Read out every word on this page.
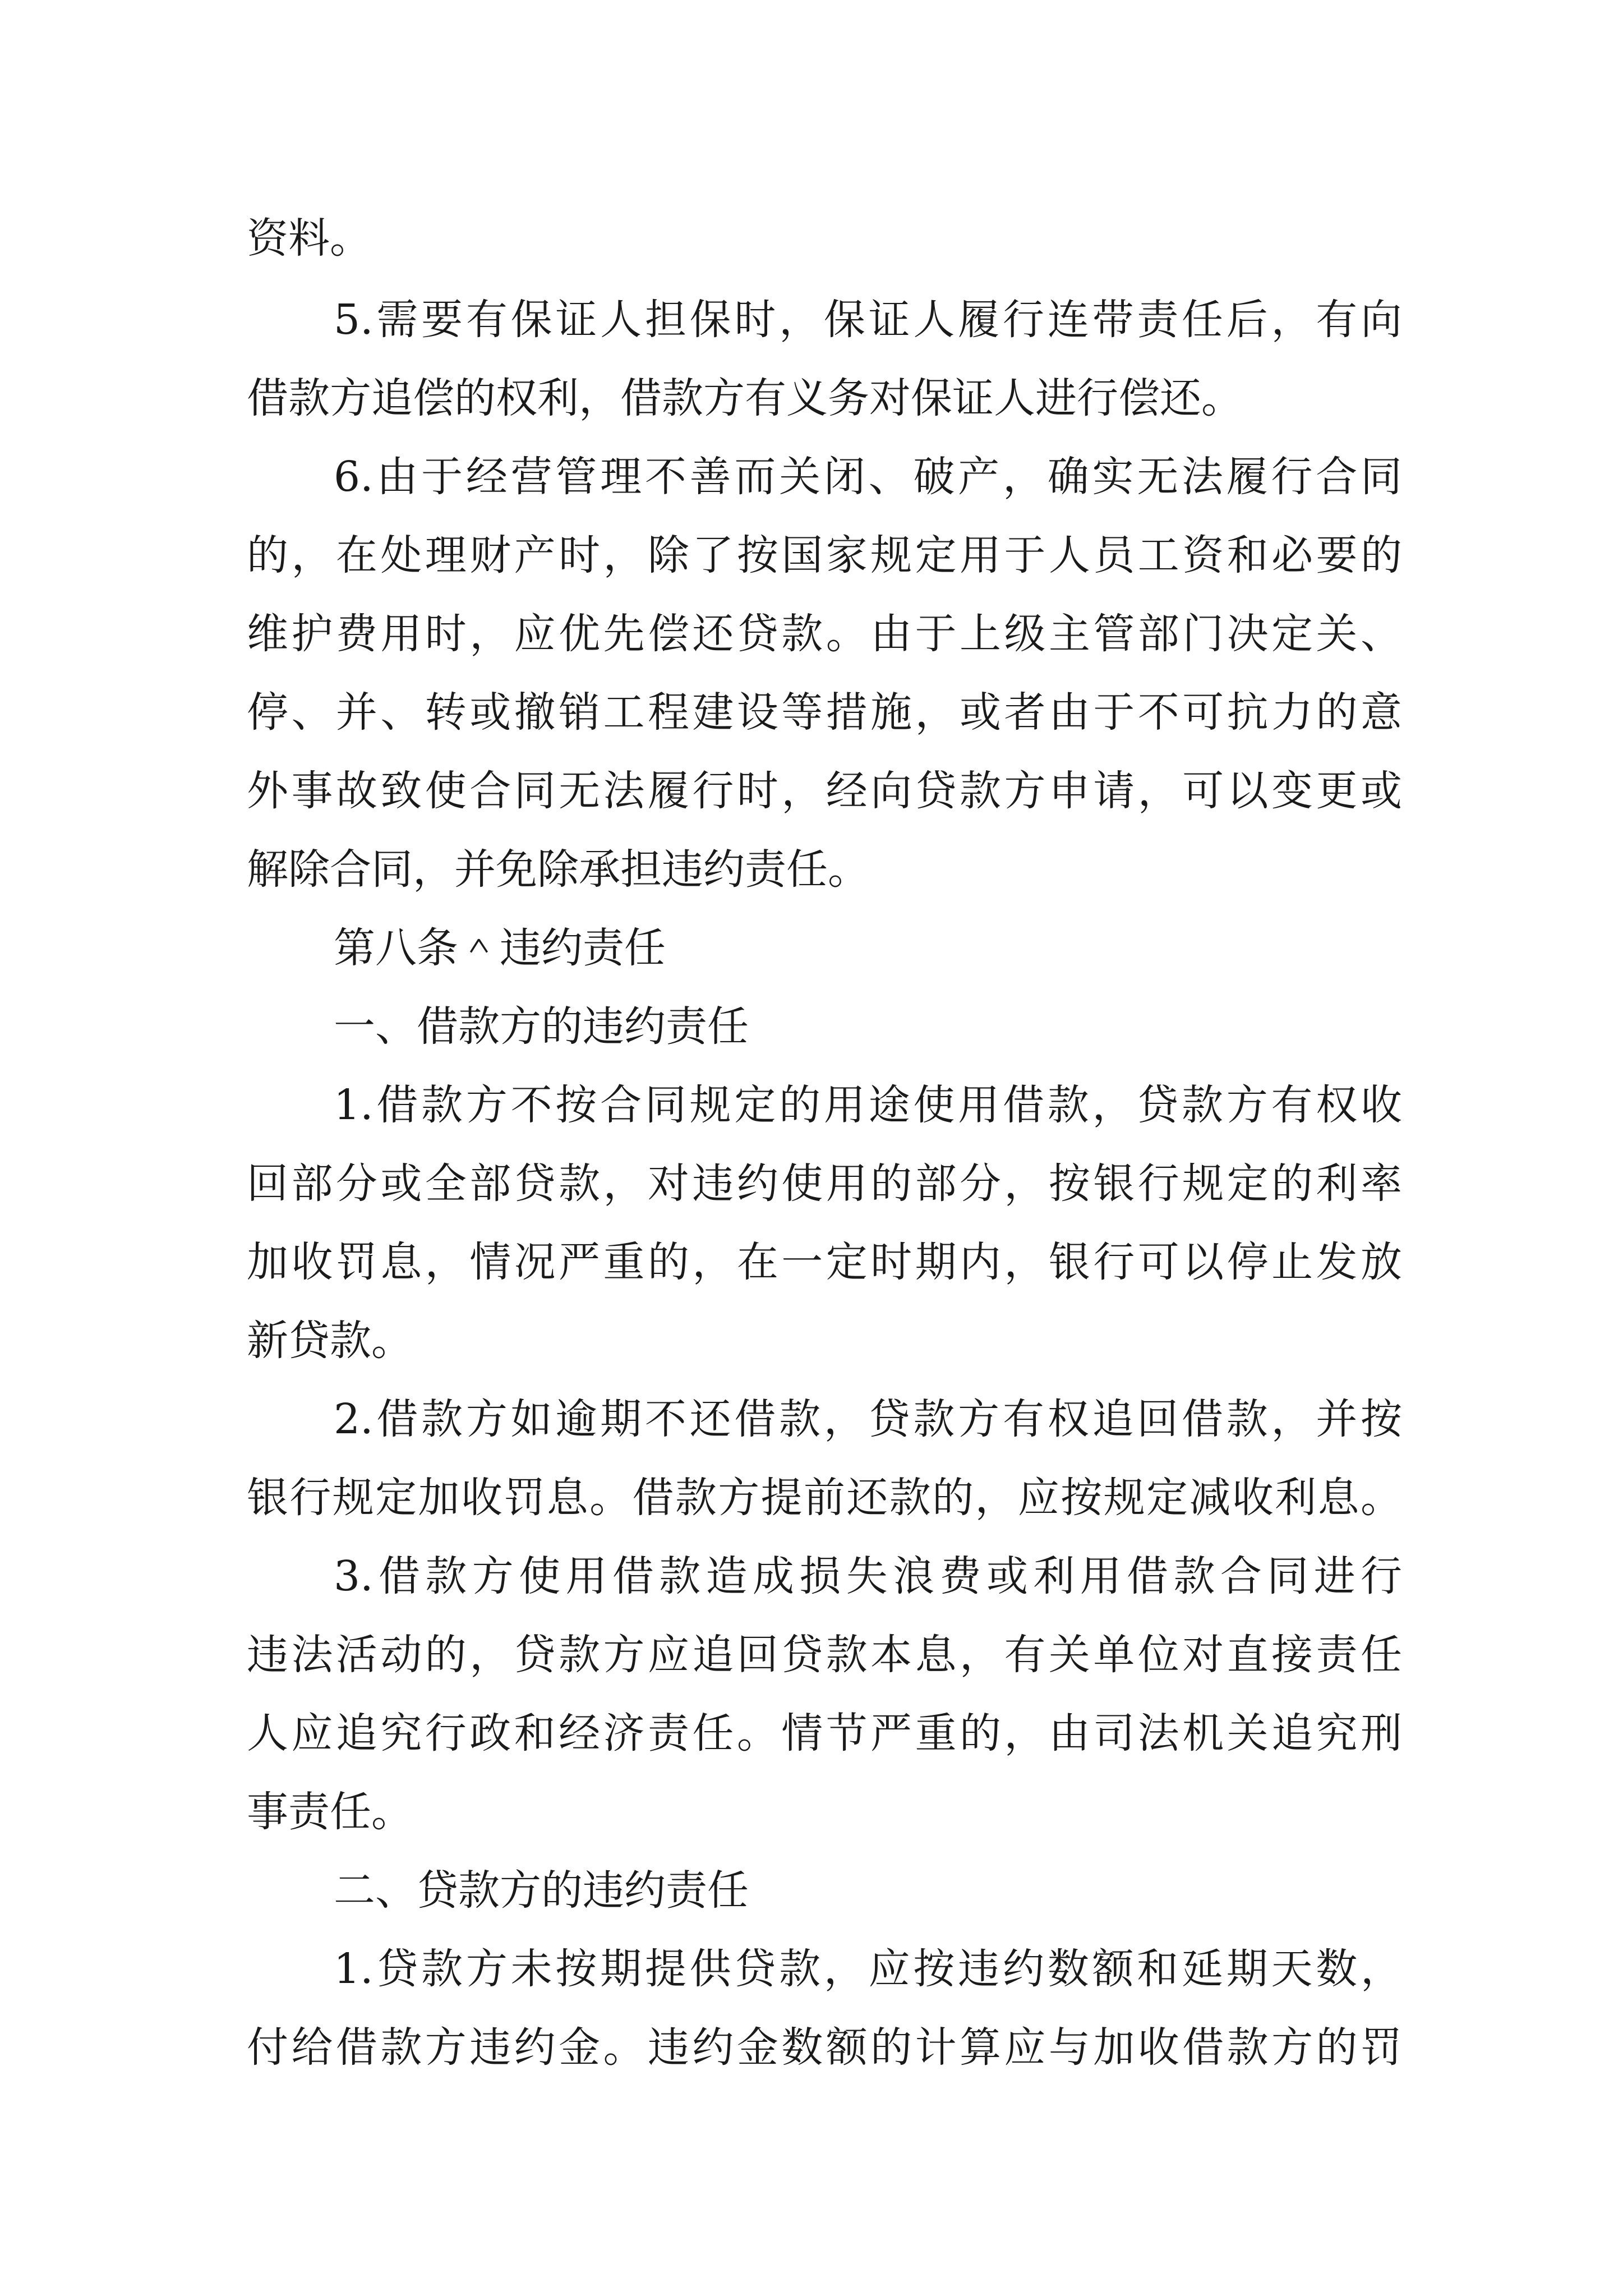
资料。
5.需要有保证人担保时，保证人履行连带责任后，有向
借款方追偿的权利，借款方有义务对保证人进行偿还。
6.由于经营管理不善而关闭、破产，确实无法履行合同
的，在处理财产时，除了按国家规定用于人员工资和必要的
维护费用时，应优先偿还贷款。由于上级主管部门决定关、
停、并、转或撤销工程建设等措施，或者由于不可抗力的意
外事故致使合同无法履行时，经向贷款方申请，可以变更或
解除合同，并免除承担违约责任。
第八条＾违约责任
一、借款方的违约责任
1.借款方不按合同规定的用途使用借款，贷款方有权收
回部分或全部贷款，对违约使用的部分，按银行规定的利率
加收罚息，情况严重的，在一定时期内，银行可以停止发放
新贷款。
2.借款方如逾期不还借款，贷款方有权追回借款，并按
银行规定加收罚息。借款方提前还款的，应按规定减收利息。
3.借款方使用借款造成损失浪费或利用借款合同进行
违法活动的，贷款方应追回贷款本息，有关单位对直接责任
人应追究行政和经济责任。情节严重的，由司法机关追究刑
事责任。
二、贷款方的违约责任
1.贷款方未按期提供贷款，应按违约数额和延期天数，
付给借款方违约金。违约金数额的计算应与加收借款方的罚
